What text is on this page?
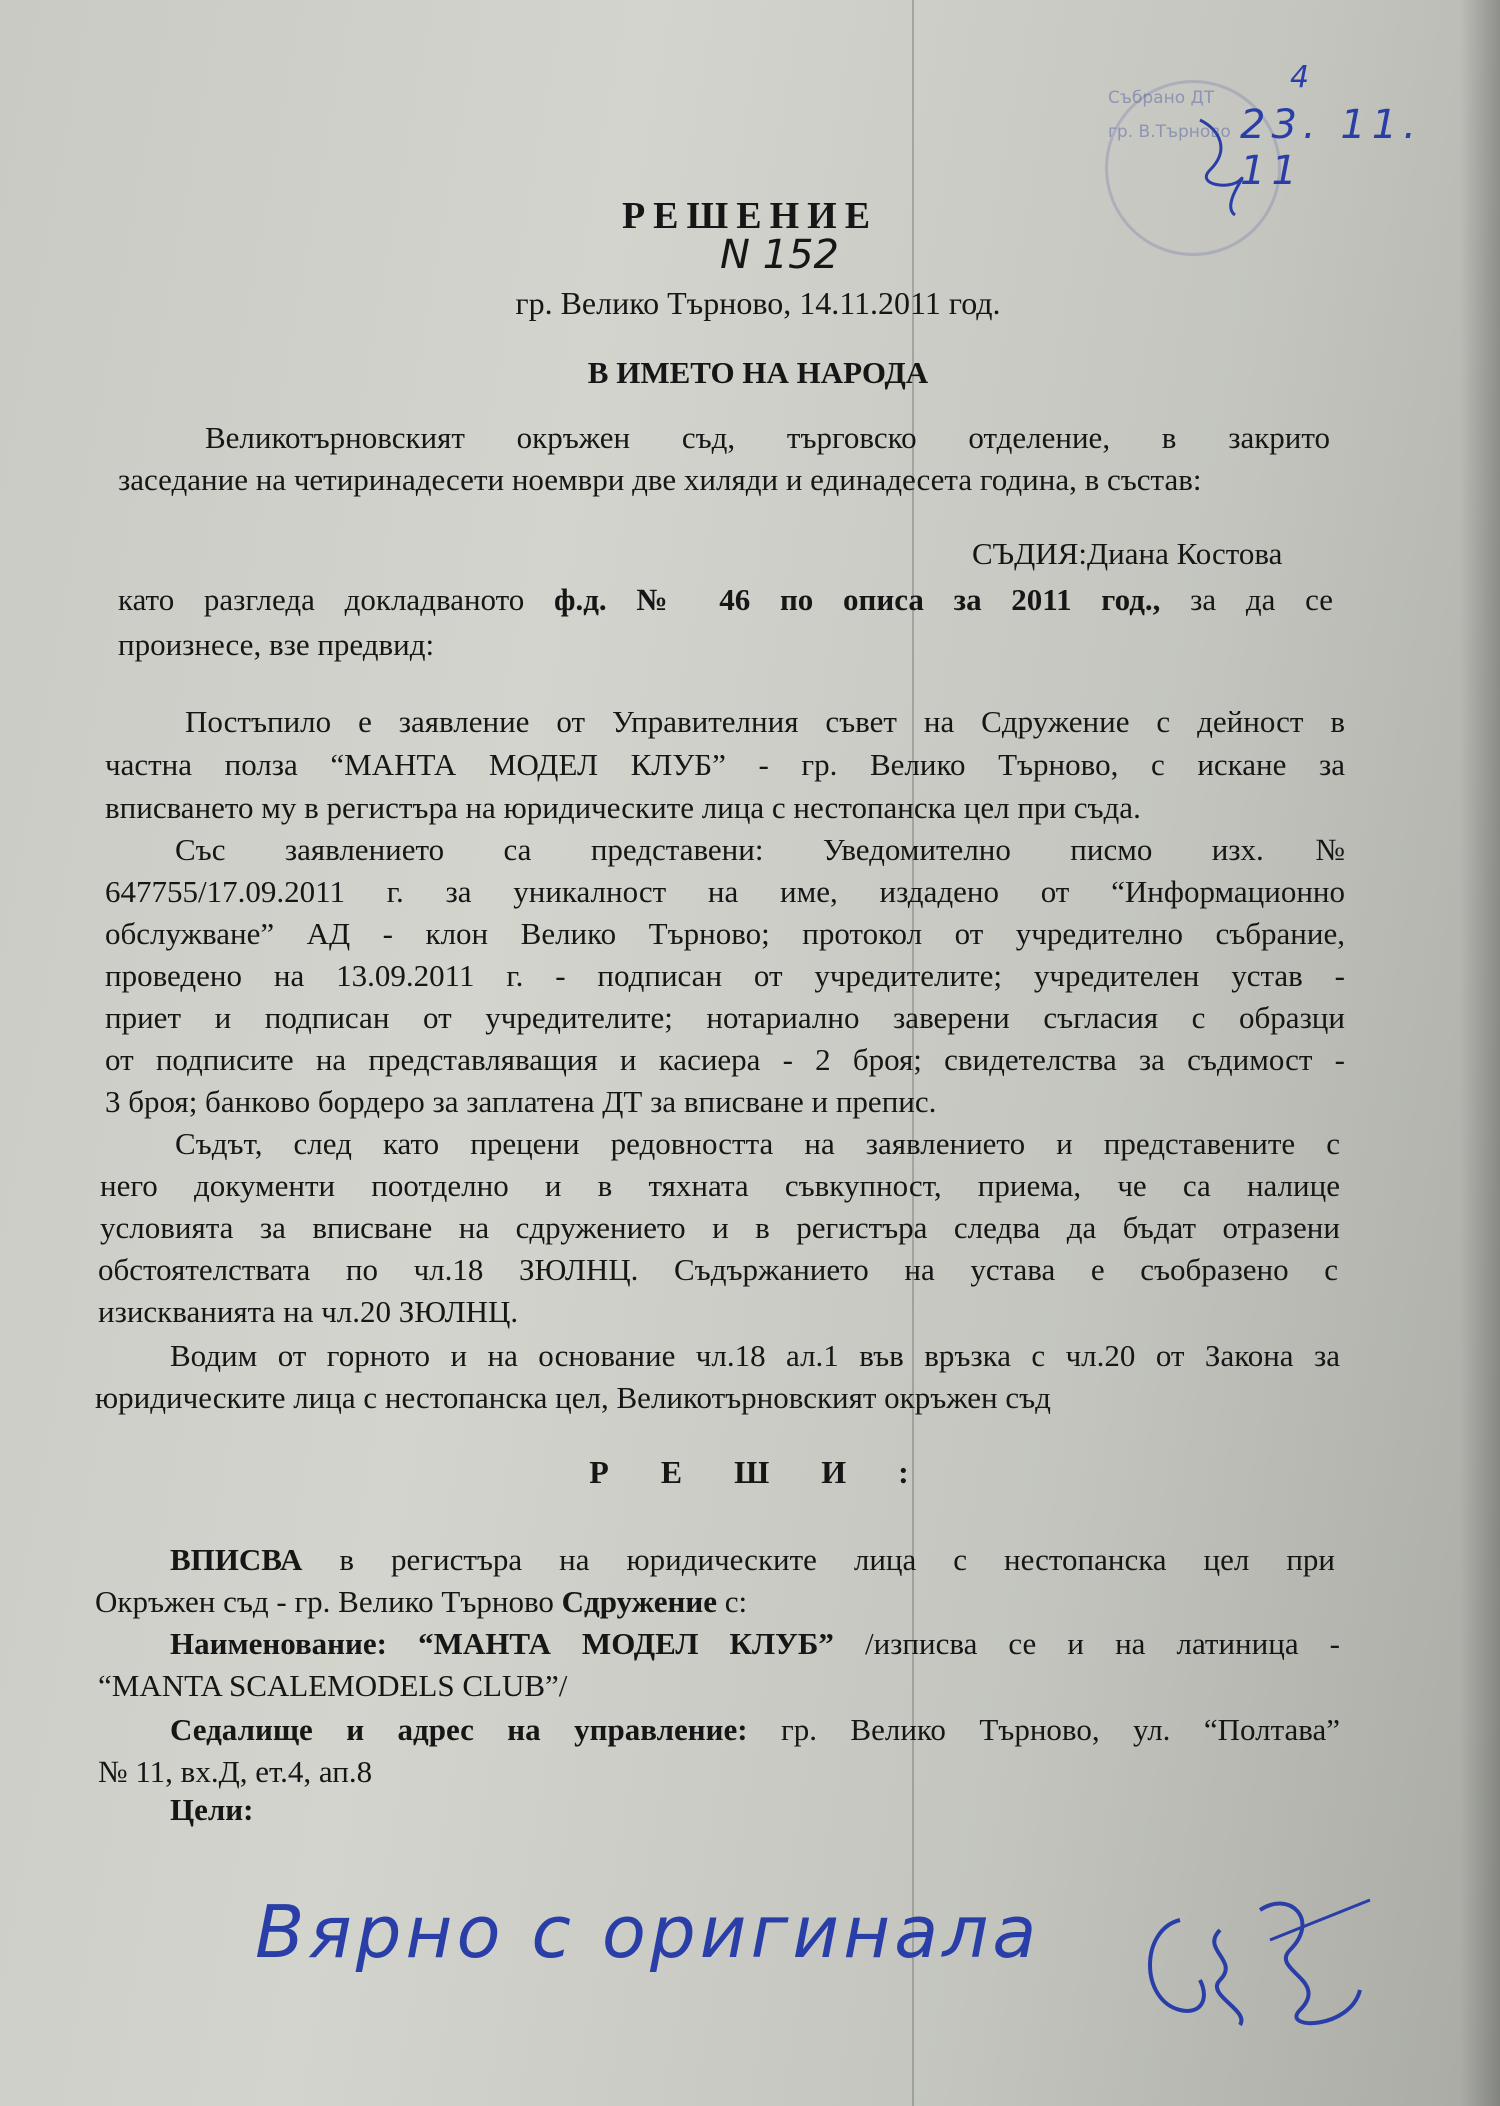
Събрано ДТ
гр. В.Търново
4
23. 11. 11
РЕШЕНИЕ
N 152
гр. Велико Търново, 14.11.2011 год.
В ИМЕТО НА НАРОДА
Великотърновският окръжен съд, търговско отделение, в закрито
заседание на четиринадесети ноември две хиляди и единадесета година, в състав:
СЪДИЯ:Диана Костова
като разгледа докладваното ф.д. № 46 по описа за 2011 год., за да се
произнесе, взе предвид:
Постъпило е заявление от Управителния съвет на Сдружение с дейност в
частна полза “МАНТА МОДЕЛ КЛУБ” - гр. Велико Търново, с искане за
вписването му в регистъра на юридическите лица с нестопанска цел при съда.
Със заявлението са представени: Уведомително писмо изх.№
647755/17.09.2011 г. за уникалност на име, издадено от “Информационно
обслужване” АД - клон Велико Търново; протокол от учредително събрание,
проведено на 13.09.2011 г. - подписан от учредителите; учредителен устав -
приет и подписан от учредителите; нотариално заверени съгласия с образци
от подписите на представляващия и касиера - 2 броя; свидетелства за съдимост -
3 броя; банково бордеро за заплатена ДТ за вписване и препис.
Съдът, след като прецени редовността на заявлението и представените с
него документи поотделно и в тяхната съвкупност, приема, че са налице
условията за вписване на сдружението и в регистъра следва да бъдат отразени
обстоятелствата по чл.18 ЗЮЛНЦ. Съдържанието на устава е съобразено с
изискванията на чл.20 ЗЮЛНЦ.
Водим от горното и на основание чл.18 ал.1 във връзка с чл.20 от Закона за
юридическите лица с нестопанска цел, Великотърновският окръжен съд
Р Е Ш И :
ВПИСВА в регистъра на юридическите лица с нестопанска цел при
Окръжен съд - гр. Велико Търново Сдружение с:
Наименование: “МАНТА МОДЕЛ КЛУБ” /изписва се и на латиница -
“MANTA SCALEMODELS CLUB”/
Седалище и адрес на управление: гр. Велико Търново, ул. “Полтава”
№ 11, вх.Д, ет.4, ап.8
Цели:
Вярно с оригинала
